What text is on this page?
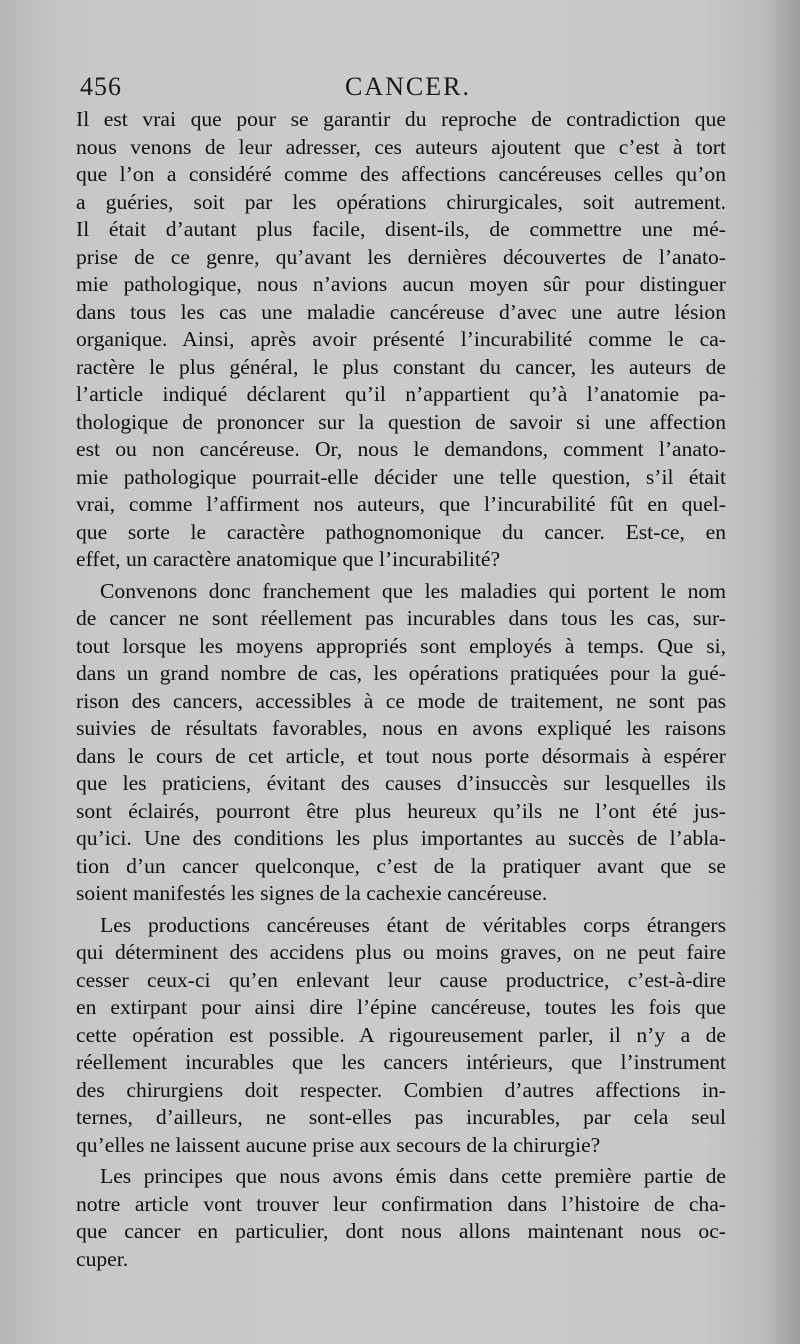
456	CANCER.
Il est vrai que pour se garantir du reproche de contradiction que
nous venons de leur adresser, ces auteurs ajoutent que c’est à tort
que l’on a considéré comme des affections cancéreuses celles qu’on
a guéries, soit par les opérations chirurgicales, soit autrement.
Il était d’autant plus facile, disent-ils, de commettre une mé-
prise de ce genre, qu’avant les dernières découvertes de l’anato-
mie pathologique, nous n’avions aucun moyen sûr pour distinguer
dans tous les cas une maladie cancéreuse d’avec une autre lésion
organique. Ainsi, après avoir présenté l’incurabilité comme le ca-
ractère le plus général, le plus constant du cancer, les auteurs de
l’article indiqué déclarent qu’il n’appartient qu’à l’anatomie pa-
thologique de prononcer sur la question de savoir si une affection
est ou non cancéreuse. Or, nous le demandons, comment l’anato-
mie pathologique pourrait-elle décider une telle question, s’il était
vrai, comme l’affirment nos auteurs, que l’incurabilité fût en quel-
que sorte le caractère pathognomonique du cancer. Est-ce, en
effet, un caractère anatomique que l’incurabilité?
Convenons donc franchement que les maladies qui portent le nom
de cancer ne sont réellement pas incurables dans tous les cas, sur-
tout lorsque les moyens appropriés sont employés à temps. Que si,
dans un grand nombre de cas, les opérations pratiquées pour la gué-
rison des cancers, accessibles à ce mode de traitement, ne sont pas
suivies de résultats favorables, nous en avons expliqué les raisons
dans le cours de cet article, et tout nous porte désormais à espérer
que les praticiens, évitant des causes d’insuccès sur lesquelles ils
sont éclairés, pourront être plus heureux qu’ils ne l’ont été jus-
qu’ici. Une des conditions les plus importantes au succès de l’abla-
tion d’un cancer quelconque, c’est de la pratiquer avant que se
soient manifestés les signes de la cachexie cancéreuse.
Les productions cancéreuses étant de véritables corps étrangers
qui déterminent des accidens plus ou moins graves, on ne peut faire
cesser ceux-ci qu’en enlevant leur cause productrice, c’est-à-dire
en extirpant pour ainsi dire l’épine cancéreuse, toutes les fois que
cette opération est possible. A rigoureusement parler, il n’y a de
réellement incurables que les cancers intérieurs, que l’instrument
des chirurgiens doit respecter. Combien d’autres affections in-
ternes, d’ailleurs, ne sont-elles pas incurables, par cela seul
qu’elles ne laissent aucune prise aux secours de la chirurgie?
Les principes que nous avons émis dans cette première partie de
notre article vont trouver leur confirmation dans l’histoire de cha-
que cancer en particulier, dont nous allons maintenant nous oc-
cuper.
